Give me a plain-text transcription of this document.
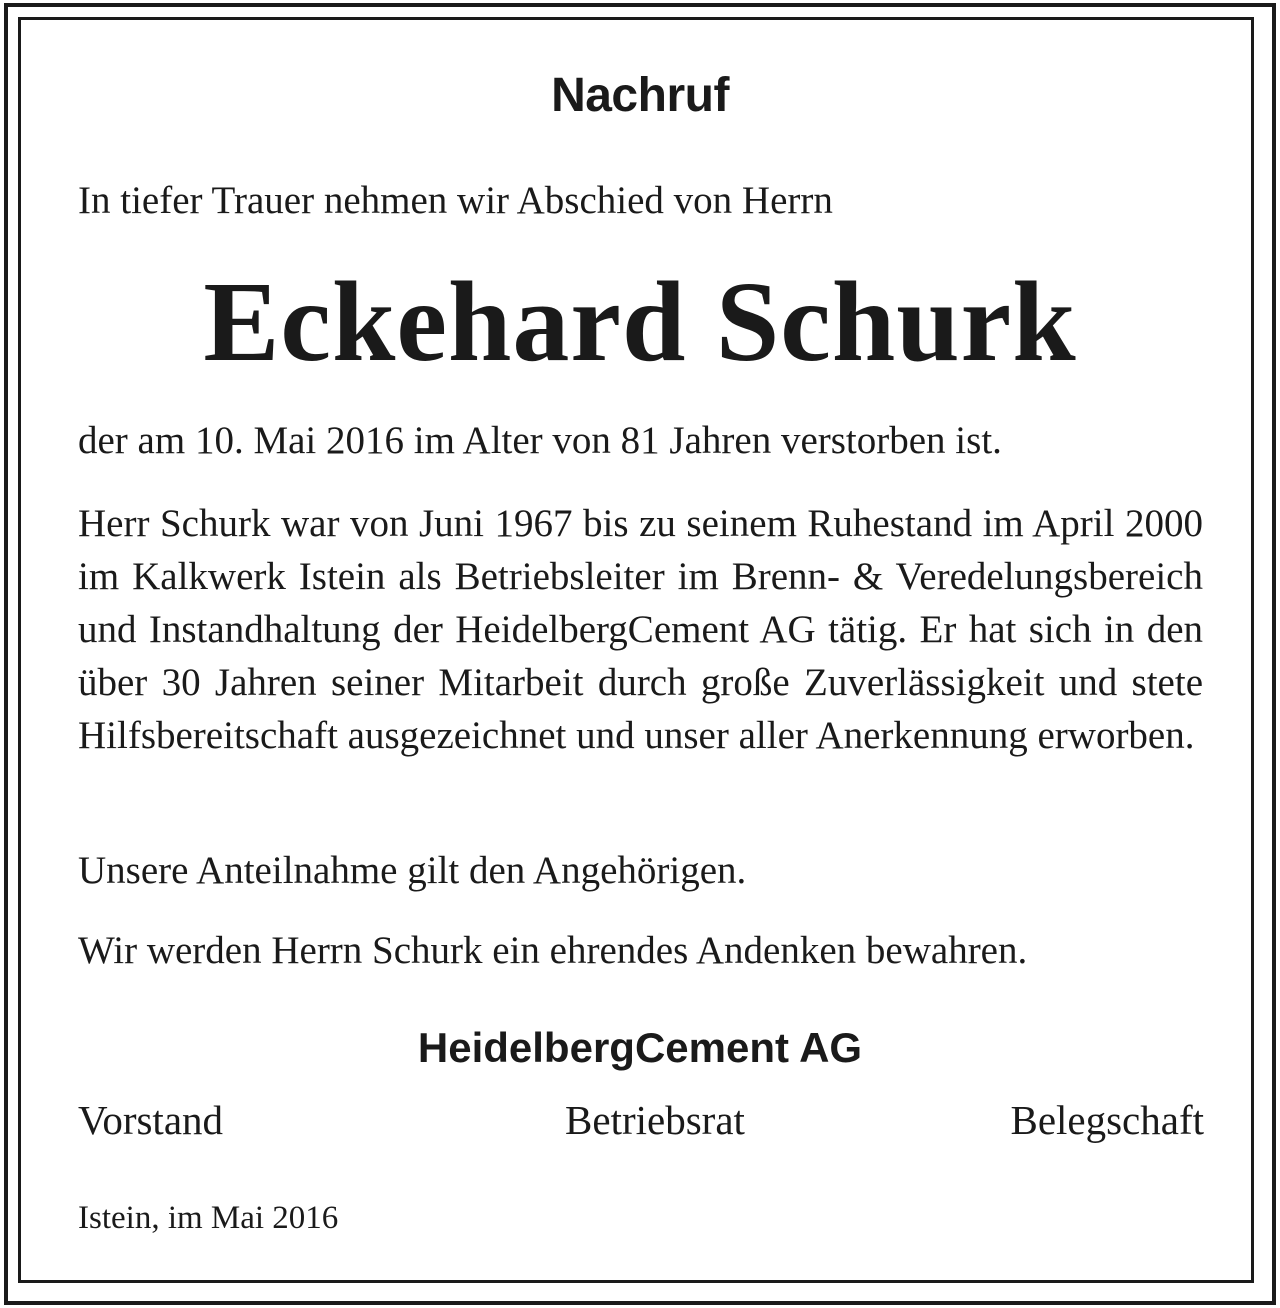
Nachruf
In tiefer Trauer nehmen wir Abschied von Herrn
Eckehard Schurk
der am 10. Mai 2016 im Alter von 81 Jahren verstorben ist.
Herr Schurk war von Juni 1967 bis zu seinem Ruhestand im April 2000 im Kalkwerk Istein als Betriebsleiter im Brenn- & Veredelungsbereich und Instandhaltung der HeidelbergCement AG tätig. Er hat sich in den über 30 Jahren seiner Mitarbeit durch große Zuverlässigkeit und stete Hilfsbereitschaft ausgezeichnet und unser aller Anerkennung erworben.
Unsere Anteilnahme gilt den Angehörigen.
Wir werden Herrn Schurk ein ehrendes Andenken bewahren.
HeidelbergCement AG
Vorstand	Betriebsrat	Belegschaft
Istein, im Mai 2016
